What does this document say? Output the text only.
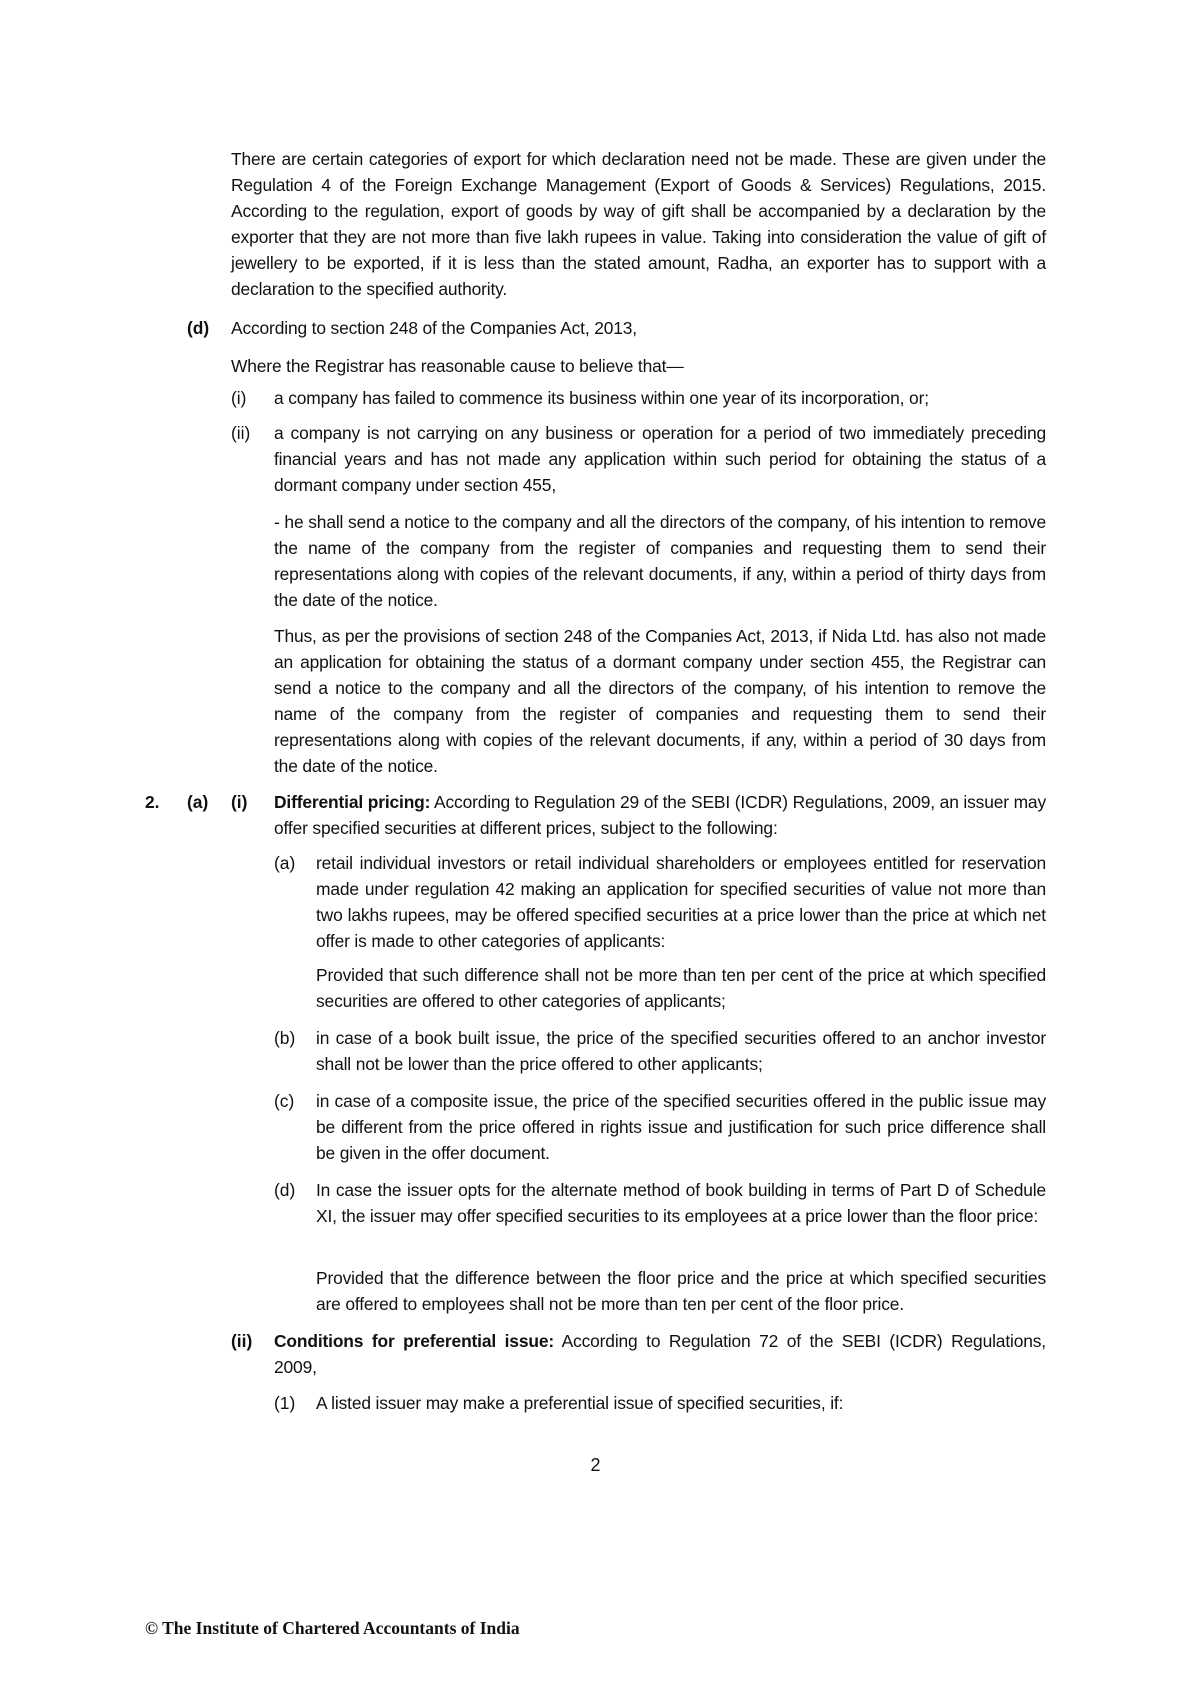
There are certain categories of export for which declaration need not be made. These are given under the Regulation 4 of the Foreign Exchange Management (Export of Goods & Services) Regulations, 2015. According to the regulation, export of goods by way of gift shall be accompanied by a declaration by the exporter that they are not more than five lakh rupees in value. Taking into consideration the value of gift of jewellery to be exported, if it is less than the stated amount, Radha, an exporter has to support with a declaration to the specified authority.

(d) According to section 248 of the Companies Act, 2013,

Where the Registrar has reasonable cause to believe that—

(i) a company has failed to commence its business within one year of its incorporation, or;

(ii) a company is not carrying on any business or operation for a period of two immediately preceding financial years and has not made any application within such period for obtaining the status of a dormant company under section 455,

- he shall send a notice to the company and all the directors of the company, of his intention to remove the name of the company from the register of companies and requesting them to send their representations along with copies of the relevant documents, if any, within a period of thirty days from the date of the notice.

Thus, as per the provisions of section 248 of the Companies Act, 2013, if Nida Ltd. has also not made an application for obtaining the status of a dormant company under section 455, the Registrar can send a notice to the company and all the directors of the company, of his intention to remove the name of the company from the register of companies and requesting them to send their representations along with copies of the relevant documents, if any, within a period of 30 days from the date of the notice.

2. (a) (i) Differential pricing: According to Regulation 29 of the SEBI (ICDR) Regulations, 2009, an issuer may offer specified securities at different prices, subject to the following:

(a) retail individual investors or retail individual shareholders or employees entitled for reservation made under regulation 42 making an application for specified securities of value not more than two lakhs rupees, may be offered specified securities at a price lower than the price at which net offer is made to other categories of applicants:

Provided that such difference shall not be more than ten per cent of the price at which specified securities are offered to other categories of applicants;

(b) in case of a book built issue, the price of the specified securities offered to an anchor investor shall not be lower than the price offered to other applicants;

(c) in case of a composite issue, the price of the specified securities offered in the public issue may be different from the price offered in rights issue and justification for such price difference shall be given in the offer document.

(d) In case the issuer opts for the alternate method of book building in terms of Part D of Schedule XI, the issuer may offer specified securities to its employees at a price lower than the floor price:

Provided that the difference between the floor price and the price at which specified securities are offered to employees shall not be more than ten per cent of the floor price.

(ii) Conditions for preferential issue: According to Regulation 72 of the SEBI (ICDR) Regulations, 2009,

(1) A listed issuer may make a preferential issue of specified securities, if:

2
© The Institute of Chartered Accountants of India
